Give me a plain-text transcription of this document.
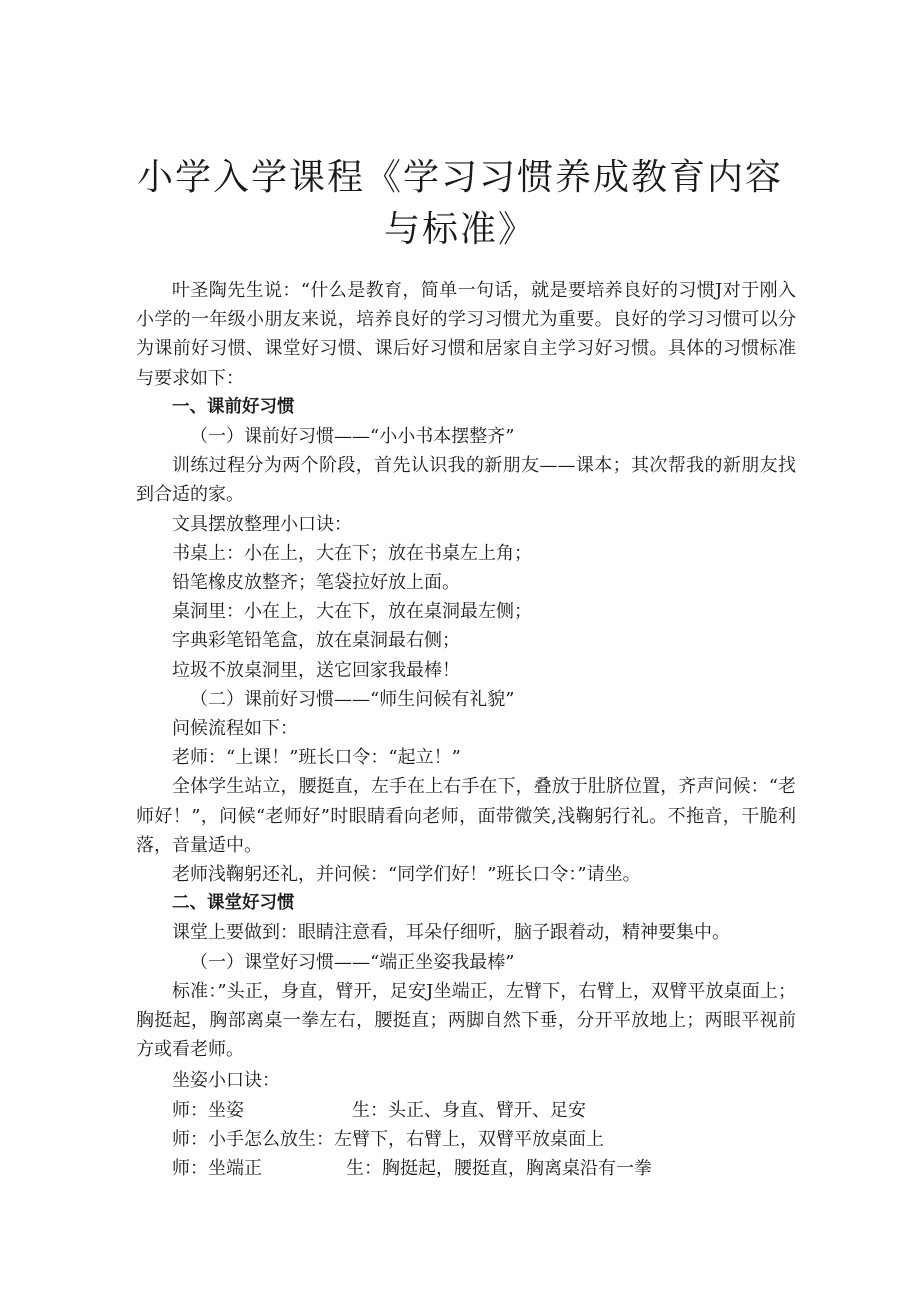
小学入学课程《学习习惯养成教育内容与标准》

叶圣陶先生说：“什么是教育，简单一句话，就是要培养良好的习惯J对于刚入小学的一年级小朋友来说，培养良好的学习习惯尤为重要。良好的学习习惯可以分为课前好习惯、课堂好习惯、课后好习惯和居家自主学习好习惯。具体的习惯标准与要求如下：

一、课前好习惯

（一）课前好习惯——“小小书本摆整齐”

训练过程分为两个阶段，首先认识我的新朋友——课本；其次帮我的新朋友找到合适的家。

文具摆放整理小口诀：

书桌上：小在上，大在下；放在书桌左上角；

铅笔橡皮放整齐；笔袋拉好放上面。

桌洞里：小在上，大在下，放在桌洞最左侧；

字典彩笔铅笔盒，放在桌洞最右侧；

垃圾不放桌洞里，送它回家我最棒！

（二）课前好习惯——“师生问候有礼貌”

问候流程如下：

老师：“上课！”班长口令：“起立！”

全体学生站立，腰挺直，左手在上右手在下，叠放于肚脐位置，齐声问候：“老师好！”，问候“老师好”时眼睛看向老师，面带微笑,浅鞠躬行礼。不拖音，干脆利落，音量适中。

老师浅鞠躬还礼，并问候：“同学们好！”班长口令：”请坐。

二、课堂好习惯

课堂上要做到：眼睛注意看，耳朵仔细听，脑子跟着动，精神要集中。

（一）课堂好习惯——“端正坐姿我最棒”

标准：”头正，身直，臂开，足安J坐端正，左臂下，右臂上，双臂平放桌面上；胸挺起，胸部离桌一拳左右，腰挺直；两脚自然下垂，分开平放地上；两眼平视前方或看老师。

坐姿小口诀：

师：坐姿	生：头正、身直、臂开、足安
师：小手怎么放 生：左臂下，右臂上，双臂平放桌面上
师：坐端正	生：胸挺起，腰挺直，胸离桌沿有一拳
